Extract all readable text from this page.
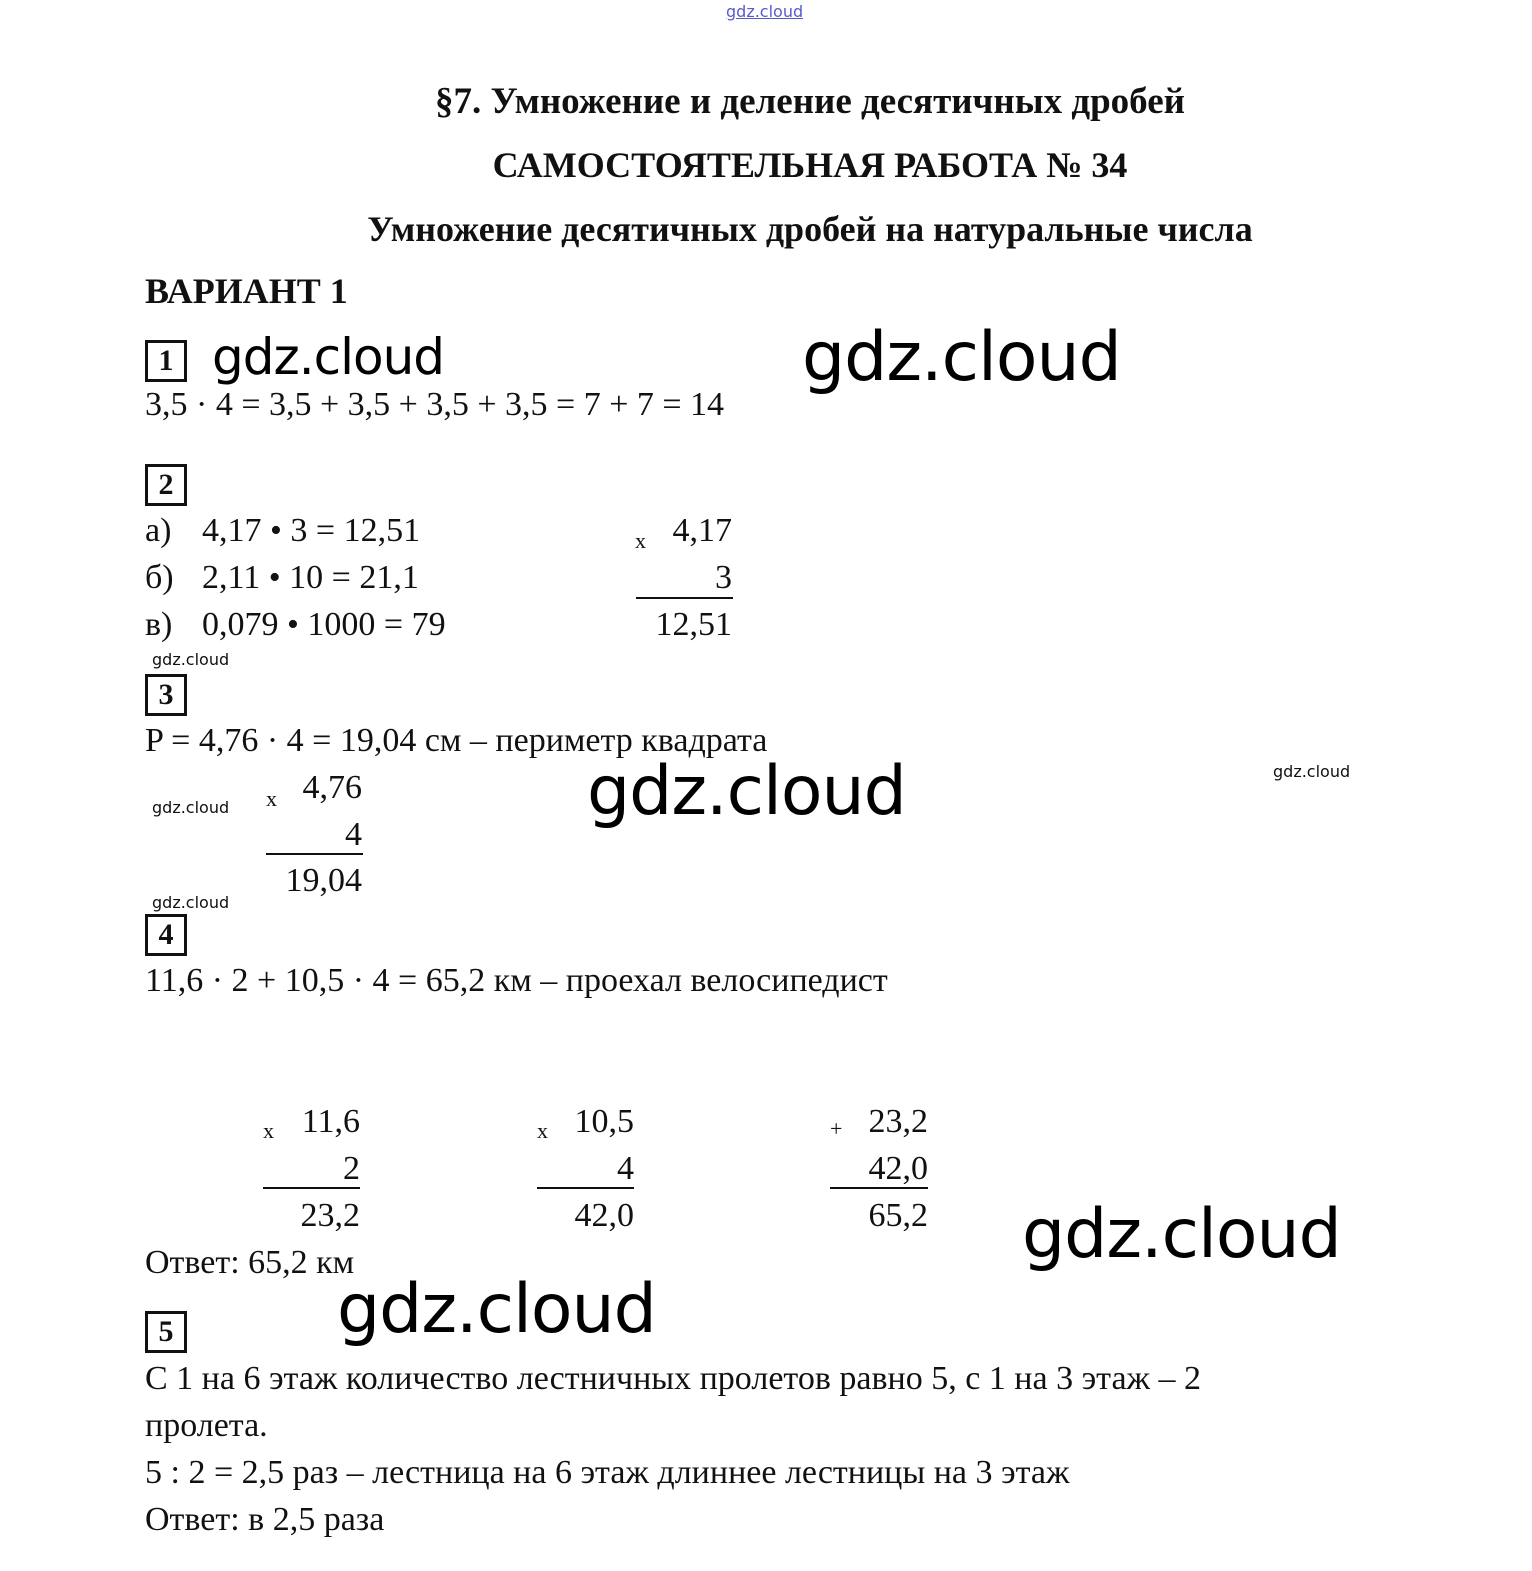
gdz.cloud
§7. Умножение и деление десятичных дробей
САМОСТОЯТЕЛЬНАЯ РАБОТА № 34
Умножение десятичных дробей на натуральные числа
ВАРИАНТ 1
1 gdz.cloud	gdz.cloud
3,5 · 4 = 3,5 + 3,5 + 3,5 + 3,5 = 7 + 7 = 14
2
а) 4,17 • 3 = 12,51
б) 2,11 • 10 = 21,1
в) 0,079 • 1000 = 79
x 4,17
3
12,51
gdz.cloud
3
P = 4,76 · 4 = 19,04 см – периметр квадрата
gdz.cloud
gdz.cloud
gdz.cloud x 4,76
4
19,04
gdz.cloud
4
11,6 · 2 + 10,5 · 4 = 65,2 км – проехал велосипедист
x 11,6
2
23,2
x 10,5
4
42,0
+ 23,2
42,0
65,2 gdz.cloud
Ответ: 65,2 км
gdz.cloud
5
С 1 на 6 этаж количество лестничных пролетов равно 5, с 1 на 3 этаж – 2
пролета.
5 : 2 = 2,5 раз – лестница на 6 этаж длиннее лестницы на 3 этаж
Ответ: в 2,5 раза
